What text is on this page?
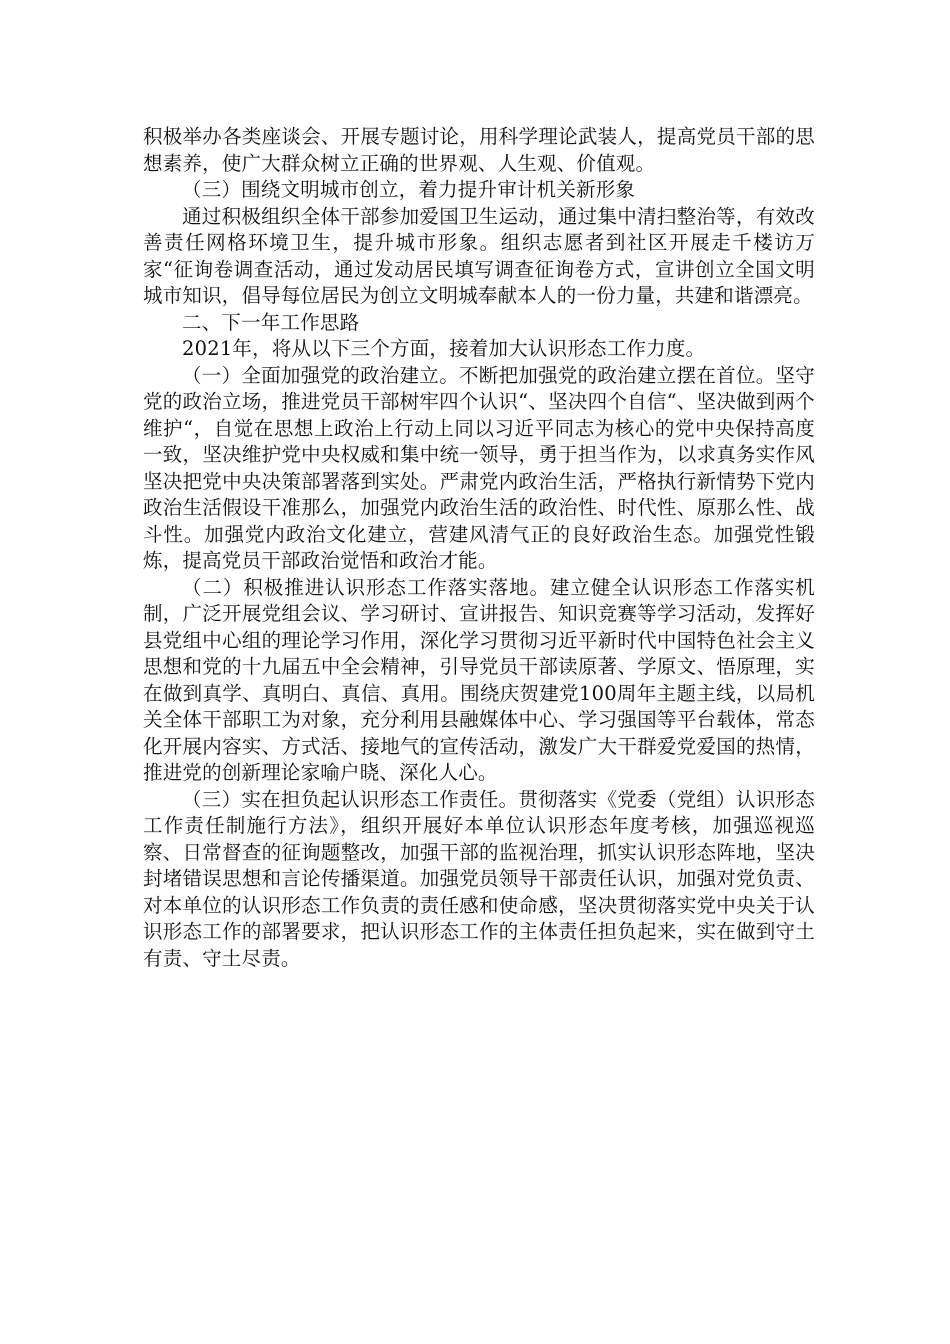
积极举办各类座谈会、开展专题讨论，用科学理论武装人，提高党员干部的思想素养，使广大群众树立正确的世界观、人生观、价值观。

（三）围绕文明城市创立，着力提升审计机关新形象

通过积极组织全体干部参加爱国卫生运动，通过集中清扫整治等，有效改善责任网格环境卫生，提升城市形象。组织志愿者到社区开展走千楼访万家“征询卷调查活动，通过发动居民填写调查征询卷方式，宣讲创立全国文明城市知识，倡导每位居民为创立文明城奉献本人的一份力量，共建和谐漂亮。

二、下一年工作思路

2021年，将从以下三个方面，接着加大认识形态工作力度。

（一）全面加强党的政治建立。不断把加强党的政治建立摆在首位。坚守党的政治立场，推进党员干部树牢四个认识“、坚决四个自信“、坚决做到两个维护“，自觉在思想上政治上行动上同以习近平同志为核心的党中央保持高度一致，坚决维护党中央权威和集中统一领导，勇于担当作为，以求真务实作风坚决把党中央决策部署落到实处。严肃党内政治生活，严格执行新情势下党内政治生活假设干准那么，加强党内政治生活的政治性、时代性、原那么性、战斗性。加强党内政治文化建立，营建风清气正的良好政治生态。加强党性锻炼，提高党员干部政治觉悟和政治才能。

（二）积极推进认识形态工作落实落地。建立健全认识形态工作落实机制，广泛开展党组会议、学习研讨、宣讲报告、知识竞赛等学习活动，发挥好县党组中心组的理论学习作用，深化学习贯彻习近平新时代中国特色社会主义思想和党的十九届五中全会精神，引导党员干部读原著、学原文、悟原理，实在做到真学、真明白、真信、真用。围绕庆贺建党100周年主题主线，以局机关全体干部职工为对象，充分利用县融媒体中心、学习强国等平台载体，常态化开展内容实、方式活、接地气的宣传活动，激发广大干群爱党爱国的热情，推进党的创新理论家喻户晓、深化人心。

（三）实在担负起认识形态工作责任。贯彻落实《党委（党组）认识形态工作责任制施行方法》，组织开展好本单位认识形态年度考核，加强巡视巡察、日常督查的征询题整改，加强干部的监视治理，抓实认识形态阵地，坚决封堵错误思想和言论传播渠道。加强党员领导干部责任认识，加强对党负责、对本单位的认识形态工作负责的责任感和使命感，坚决贯彻落实党中央关于认识形态工作的部署要求，把认识形态工作的主体责任担负起来，实在做到守土有责、守土尽责。
